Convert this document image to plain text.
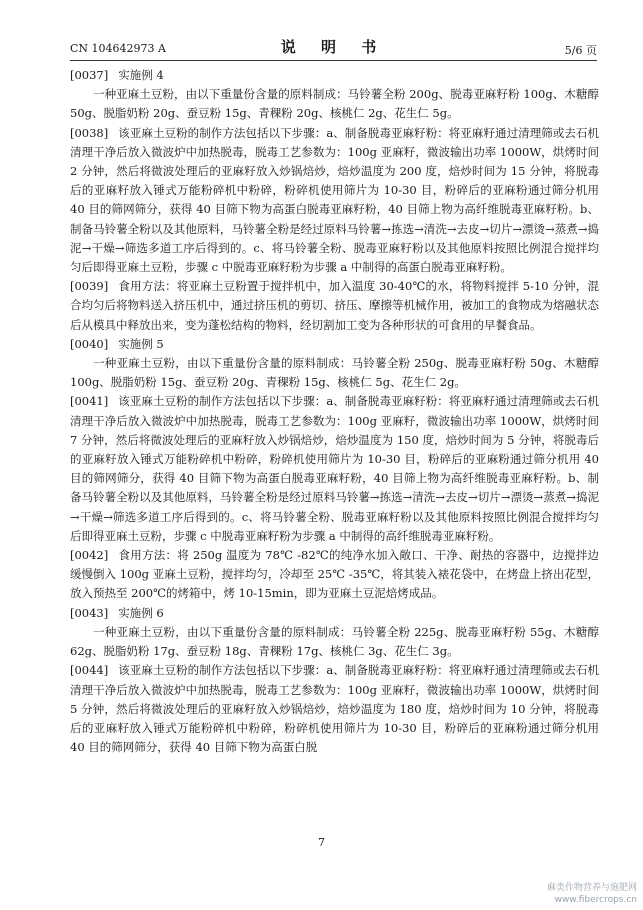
CN 104642973 A	说 明 书	5/6 页

[0037] 实施例 4

一种亚麻土豆粉，由以下重量份含量的原料制成：马铃薯全粉 200g、脱毒亚麻籽粉 100g、木糖醇 50g、脱脂奶粉 20g、蚕豆粉 15g、青稞粉 20g、核桃仁 2g、花生仁 5g。

[0038] 该亚麻土豆粉的制作方法包括以下步骤：a、制备脱毒亚麻籽粉：将亚麻籽通过清理筛或去石机清理干净后放入微波炉中加热脱毒，脱毒工艺参数为：100g 亚麻籽，微波输出功率 1000W，烘烤时间 2 分钟，然后将微波处理后的亚麻籽放入炒锅焙炒，焙炒温度为 200 度，焙炒时间为 15 分钟，将脱毒后的亚麻籽放入锤式万能粉碎机中粉碎，粉碎机使用筛片为 10-30 目，粉碎后的亚麻粉通过筛分机用 40 目的筛网筛分，获得 40 目筛下物为高蛋白脱毒亚麻籽粉，40 目筛上物为高纤维脱毒亚麻籽粉。b、制备马铃薯全粉以及其他原料，马铃薯全粉是经过原料马铃薯→拣选→清洗→去皮→切片→漂烫→蒸煮→捣泥→干燥→筛选多道工序后得到的。c、将马铃薯全粉、脱毒亚麻籽粉以及其他原料按照比例混合搅拌均匀后即得亚麻土豆粉，步骤 c 中脱毒亚麻籽粉为步骤 a 中制得的高蛋白脱毒亚麻籽粉。

[0039] 食用方法：将亚麻土豆粉置于搅拌机中，加入温度 30-40℃的水，将物料搅拌 5-10 分钟，混合均匀后将物料送入挤压机中，通过挤压机的剪切、挤压、摩擦等机械作用，被加工的食物成为熔融状态后从模具中释放出来，变为蓬松结构的物料，经切割加工变为各种形状的可食用的早餐食品。

[0040] 实施例 5

一种亚麻土豆粉，由以下重量份含量的原料制成：马铃薯全粉 250g、脱毒亚麻籽粉 50g、木糖醇 100g、脱脂奶粉 15g、蚕豆粉 20g、青稞粉 15g、核桃仁 5g、花生仁 2g。

[0041] 该亚麻土豆粉的制作方法包括以下步骤：a、制备脱毒亚麻籽粉：将亚麻籽通过清理筛或去石机清理干净后放入微波炉中加热脱毒，脱毒工艺参数为：100g 亚麻籽，微波输出功率 1000W，烘烤时间 7 分钟，然后将微波处理后的亚麻籽放入炒锅焙炒，焙炒温度为 150 度，焙炒时间为 5 分钟，将脱毒后的亚麻籽放入锤式万能粉碎机中粉碎，粉碎机使用筛片为 10-30 目，粉碎后的亚麻粉通过筛分机用 40 目的筛网筛分，获得 40 目筛下物为高蛋白脱毒亚麻籽粉，40 目筛上物为高纤维脱毒亚麻籽粉。b、制备马铃薯全粉以及其他原料，马铃薯全粉是经过原料马铃薯→拣选→清洗→去皮→切片→漂烫→蒸煮→捣泥→干燥→筛选多道工序后得到的。c、将马铃薯全粉、脱毒亚麻籽粉以及其他原料按照比例混合搅拌均匀后即得亚麻土豆粉，步骤 c 中脱毒亚麻籽粉为步骤 a 中制得的高纤维脱毒亚麻籽粉。

[0042] 食用方法：将 250g 温度为 78℃ -82℃的纯净水加入敞口、干净、耐热的容器中，边搅拌边缓慢倒入 100g 亚麻土豆粉，搅拌均匀，冷却至 25℃ -35℃，将其装入裱花袋中，在烤盘上挤出花型，放入预热至 200℃的烤箱中，烤 10-15min，即为亚麻土豆泥焙烤成品。

[0043] 实施例 6

一种亚麻土豆粉，由以下重量份含量的原料制成：马铃薯全粉 225g、脱毒亚麻籽粉 55g、木糖醇 62g、脱脂奶粉 17g、蚕豆粉 18g、青稞粉 17g、核桃仁 3g、花生仁 3g。

[0044] 该亚麻土豆粉的制作方法包括以下步骤：a、制备脱毒亚麻籽粉：将亚麻籽通过清理筛或去石机清理干净后放入微波炉中加热脱毒，脱毒工艺参数为：100g 亚麻籽，微波输出功率 1000W，烘烤时间 5 分钟，然后将微波处理后的亚麻籽放入炒锅焙炒，焙炒温度为 180 度，焙炒时间为 10 分钟，将脱毒后的亚麻籽放入锤式万能粉碎机中粉碎，粉碎机使用筛片为 10-30 目，粉碎后的亚麻粉通过筛分机用 40 目的筛网筛分，获得 40 目筛下物为高蛋白脱

7
麻类作物营养与施肥网
www.fibercrops.cn
